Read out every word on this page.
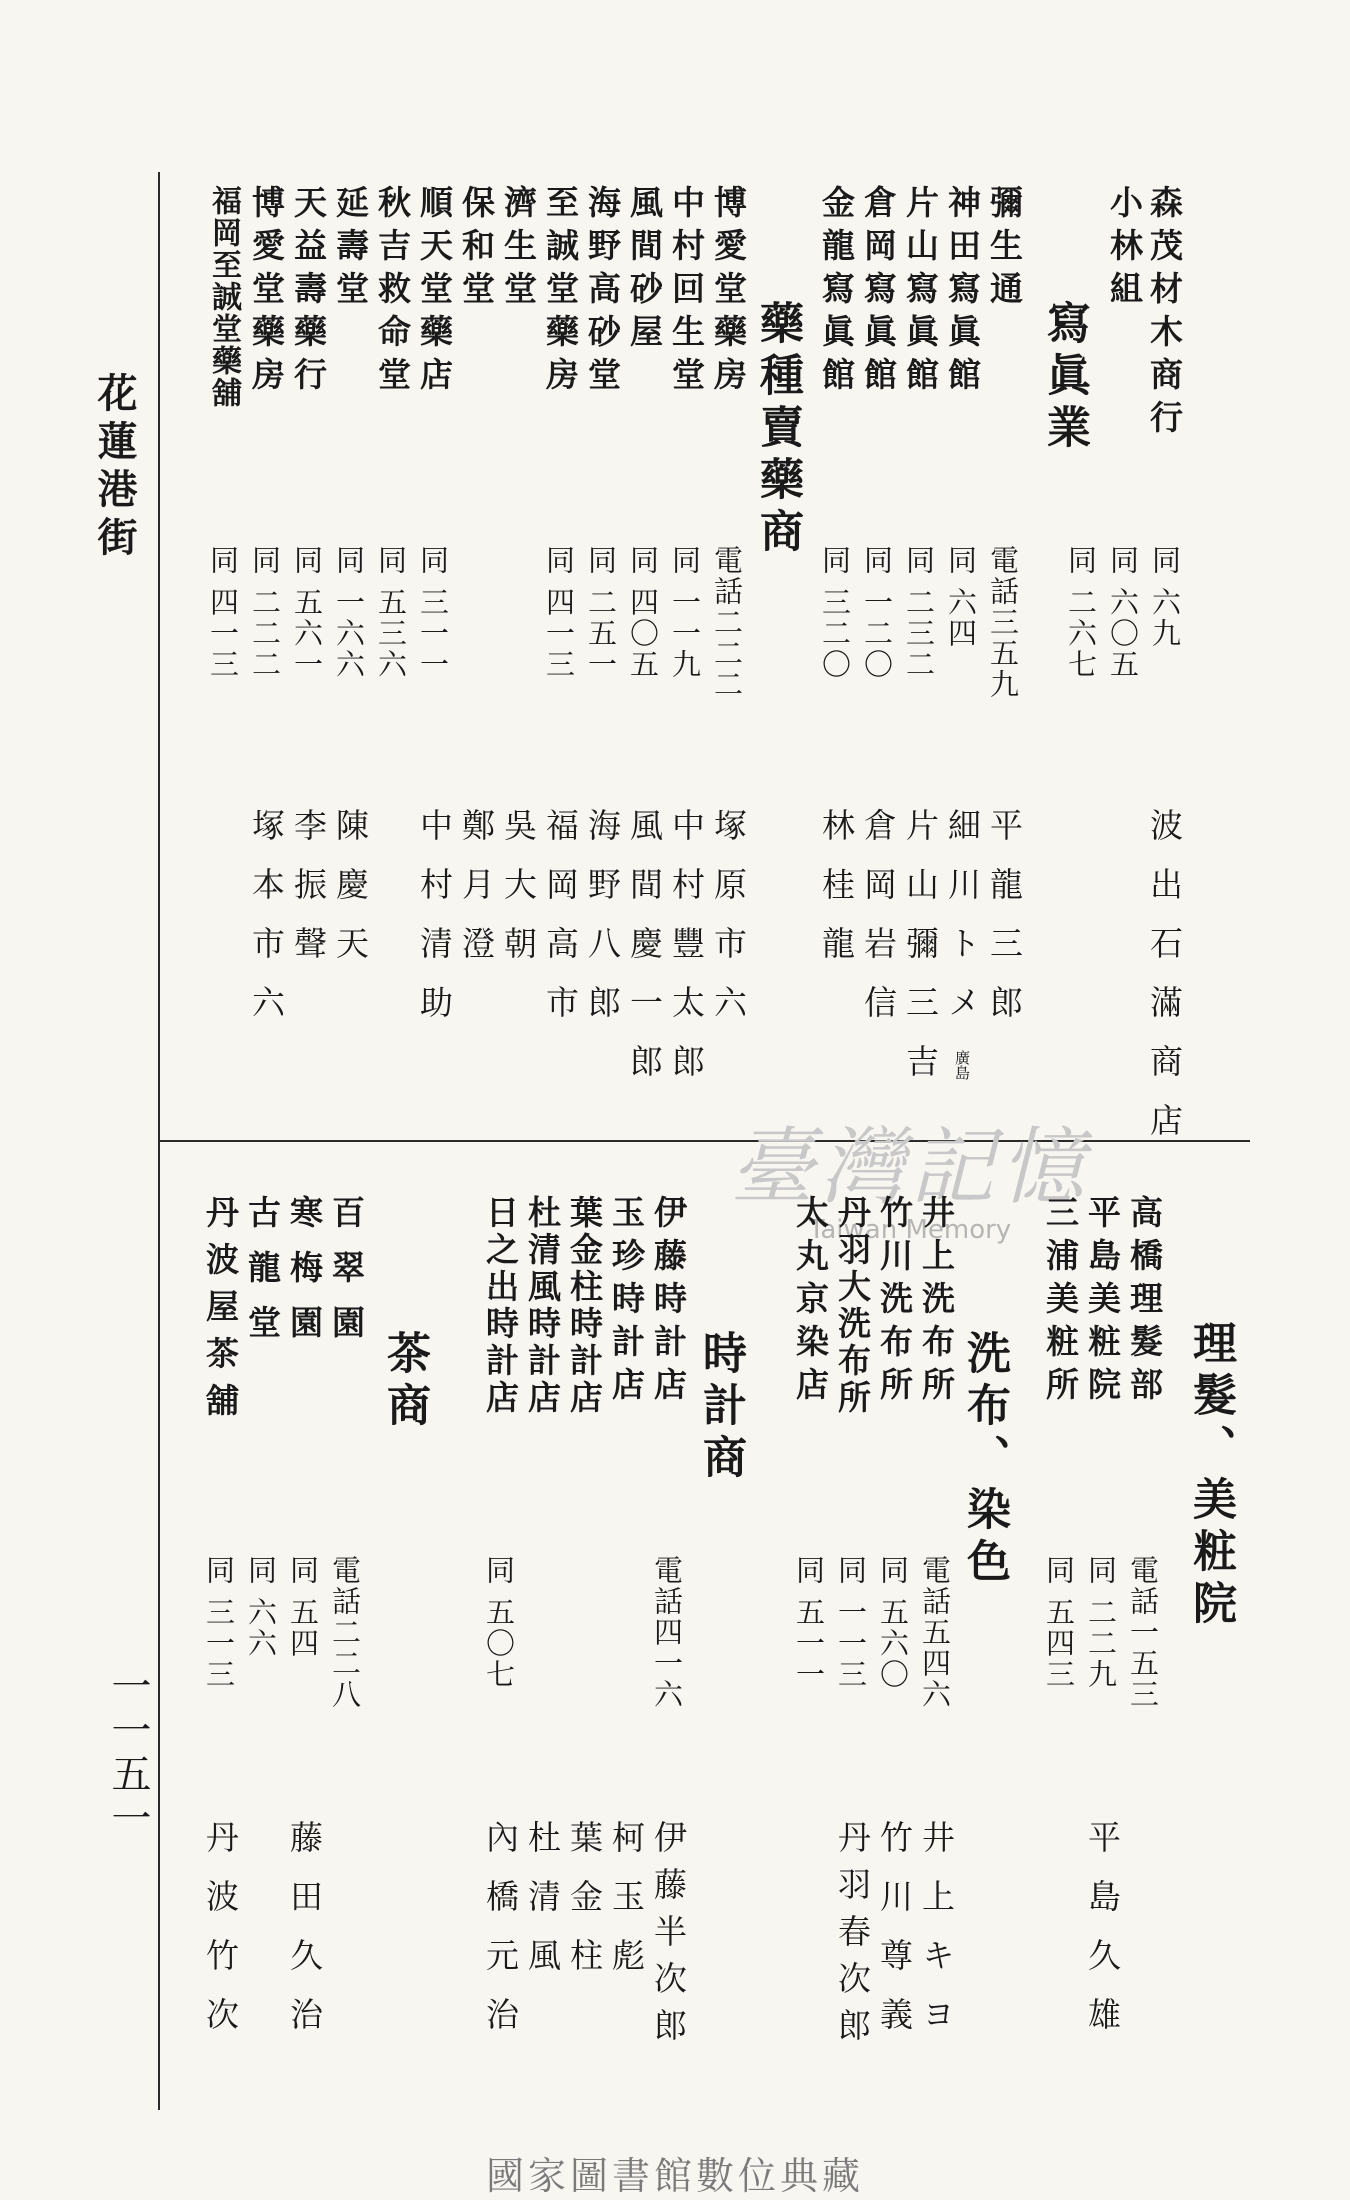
花蓮港街
一一五一
臺灣記憶
Taiwan Memory
國家圖書館數位典藏
寫眞業
藥種賣藥商	森茂材木商行
同 六九
波出石滿商店
小林組
同 六〇五
同 二六七
彌生通
電話三五九
平龍三郎
神田寫眞館
同 六四
細川トメ廣島
片山寫眞館
同 二三二
片山彌三吉
倉岡寫眞館
同 一二〇
倉岡岩信
金龍寫眞館
同 三二〇
林桂龍
博愛堂藥房
電話二二二
塚原市六
中村回生堂
同 一一九
中村豐太郎
風間砂屋
同 四〇五
風間慶一郎
海野高砂堂
同 二五一
海野八郎
至誠堂藥房
同 四一三
福岡高市
濟生堂
吳大朝
保和堂
鄭月澄
順天堂藥店
同 三一一
中村清助
秋吉救命堂
同 五三六
延壽堂
同 一六六
陳慶天
天益壽藥行
同 五六一
李振聲
博愛堂藥房
同 二二二
塚本市六
福岡至誠堂藥舖
同 四一三
理髮、美粧院
洗布、染色
時計商
茶商	高橋理髮部
電話一五三
平島美粧院
同 二二九
平島久雄
三浦美粧所
同 五四三
井上洗布所
電話五四六
井上キヨ
竹川洗布所
同 五六〇
竹川尊義
丹羽大洗布所
同 一一三
丹羽春次郎
太丸京染店
同 五一一
伊藤時計店
電話四一六
伊藤半次郎
玉珍時計店
柯玉彪
葉金柱時計店
葉金柱
杜清風時計店
杜清風
日之出時計店
同 五〇七
內橋元治
百翠園
電話二二八
寒梅園
同 五四
藤田久治
古龍堂
同 六六
丹波屋茶舖
同 三一三
丹波竹次
